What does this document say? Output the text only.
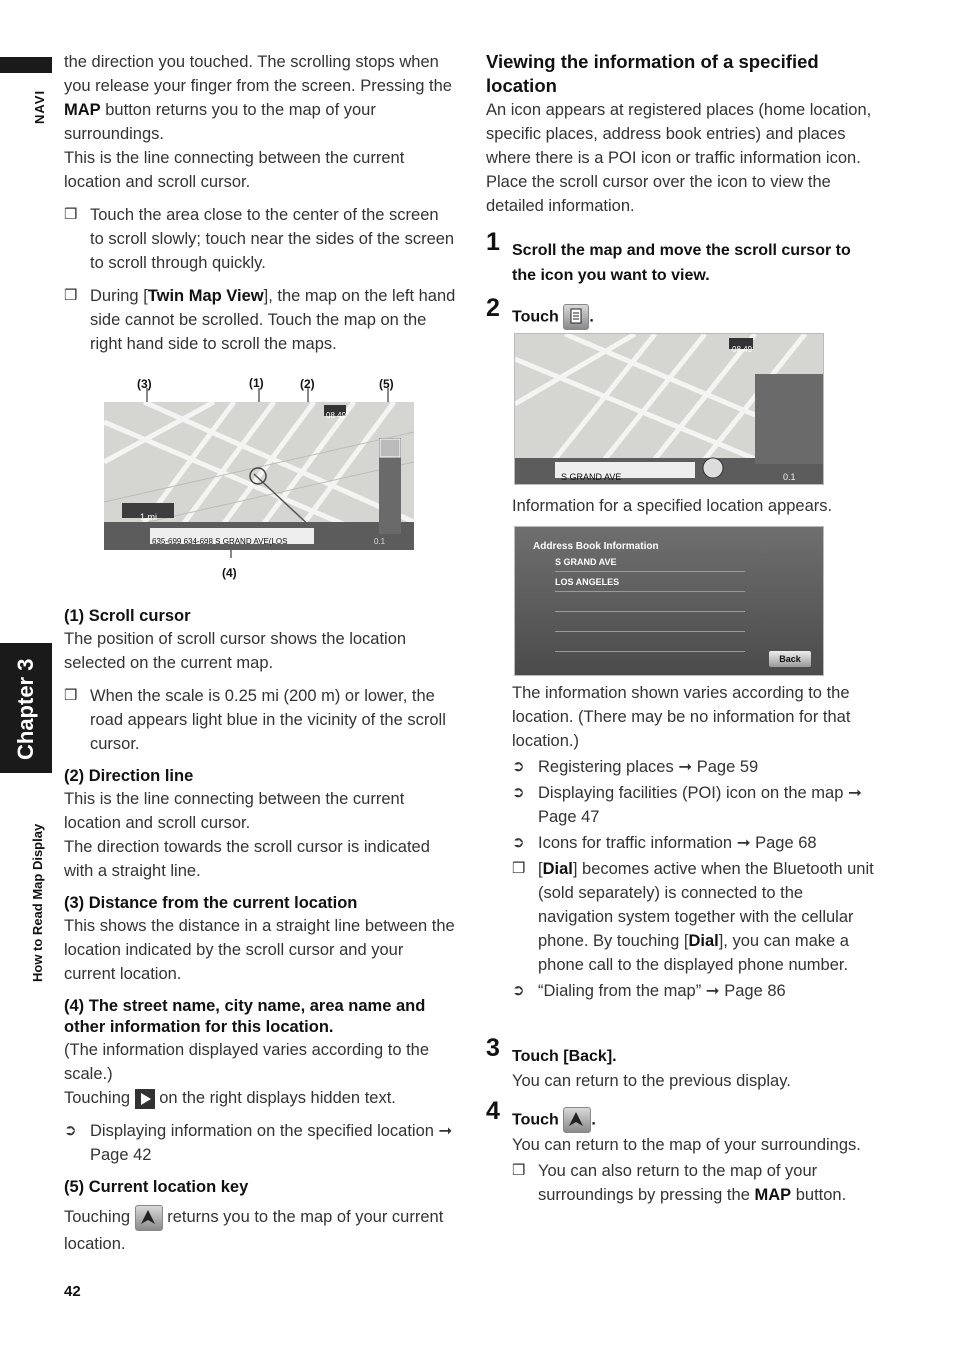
NAVI
Chapter 3
How to Read Map Display
42

the direction you touched. The scrolling stops when you release your finger from the screen. Pressing the MAP button returns you to the map of your surroundings.

This is the line connecting between the current location and scroll cursor.

❒ Touch the area close to the center of the screen to scroll slowly; touch near the sides of the screen to scroll through quickly.
❒ During [Twin Map View], the map on the left hand side cannot be scrolled. Touch the map on the right hand side to scroll the maps.
(3)	(1)	(2)	(5)
(4)
08 49
1 mi
635-699 634-698 S GRAND AVE(LOS	0.1

(1) Scroll cursor

The position of scroll cursor shows the location selected on the current map.

❒ When the scale is 0.25 mi (200 m) or lower, the road appears light blue in the vicinity of the scroll cursor.

(2) Direction line

This is the line connecting between the current location and scroll cursor.

The direction towards the scroll cursor is indicated with a straight line.

(3) Distance from the current location

This shows the distance in a straight line between the location indicated by the scroll cursor and your current location.

(4) The street name, city name, area name and other information for this location.

(The information displayed varies according to the scale.)

Touching  on the right displays hidden text.

➲ Displaying information on the specified location ➞ Page 42

(5) Current location key

Touching
returns you to the map of your current location.

Viewing the information of a specified location

An icon appears at registered places (home location, specific places, address book entries) and places where there is a POI icon or traffic information icon. Place the scroll cursor over the icon to view the detailed information.

1 Scroll the map and move the scroll cursor to the icon you want to view.
2 Touch .
08 49
S GRAND AVE	0.1

Information for a specified location appears.

Address Book Information
S GRAND AVE
LOS ANGELES
Back

The information shown varies according to the location. (There may be no information for that location.)

➲ Registering places ➞ Page 59
➲ Displaying facilities (POI) icon on the map ➞ Page 47
➲ Icons for traffic information ➞ Page 68
❒ [Dial] becomes active when the Bluetooth unit (sold separately) is connected to the navigation system together with the cellular phone. By touching [Dial], you can make a phone call to the displayed phone number.
➲ “Dialing from the map” ➞ Page 86
3 Touch [Back].

You can return to the previous display.

4 Touch .

You can return to the map of your surroundings.

❒ You can also return to the map of your surroundings by pressing the MAP button.
